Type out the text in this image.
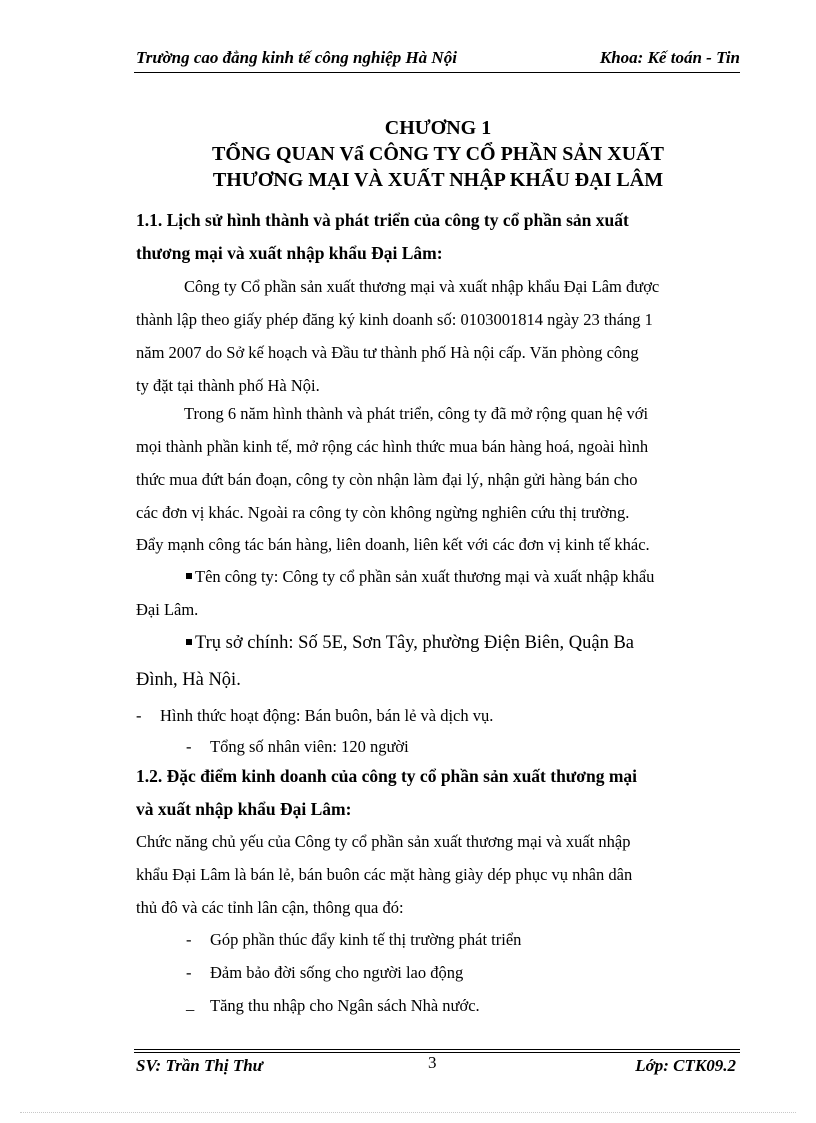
Trường cao đẳng kinh tế công nghiệp Hà Nội	Khoa: Kế toán - Tin
CHƯƠNG 1
TỔNG QUAN Vẩ CÔNG TY CỔ PHẦN SẢN XUẤT
THƯƠNG MẠI VÀ XUẤT NHẬP KHẨU ĐẠI LÂM
1.1. Lịch sử hình thành và phát triển của công ty cổ phần sản xuất
thương mại và xuất nhập khẩu Đại Lâm:
Công ty Cổ phần sản xuất thương mại và xuất nhập khẩu Đại Lâm được
thành lập theo giấy phép đăng ký kinh doanh số: 0103001814 ngày 23 tháng 1
năm 2007 do Sở kế hoạch và Đầu tư thành phố Hà nội cấp. Văn phòng công
ty đặt tại thành phố Hà Nội.
Trong 6 năm hình thành và phát triển, công ty đã mở rộng quan hệ với
mọi thành phần kinh tế, mở rộng các hình thức mua bán hàng hoá, ngoài hình
thức mua đứt bán đoạn, công ty còn nhận làm đại lý, nhận gửi hàng bán cho
các đơn vị khác. Ngoài ra công ty còn không ngừng nghiên cứu thị trường.
Đẩy mạnh công tác bán hàng, liên doanh, liên kết với các đơn vị kinh tế khác.
Tên công ty: Công ty cổ phần sản xuất thương mại và xuất nhập khẩu
Đại Lâm.
Trụ sở chính: Số 5E, Sơn Tây, phường Điện Biên, Quận Ba
Đình, Hà Nội.
- Hình thức hoạt động: Bán buôn, bán lẻ và dịch vụ.
- Tổng số nhân viên: 120 người
1.2. Đặc điểm kinh doanh của công ty cổ phần sản xuất thương mại
và xuất nhập khẩu Đại Lâm:
Chức năng chủ yếu của Công ty cổ phần sản xuất thương mại và xuất nhập
khẩu Đại Lâm là bán lẻ, bán buôn các mặt hàng giày dép phục vụ nhân dân
thủ đô và các tỉnh lân cận, thông qua đó:
- Góp phần thúc đẩy kinh tế thị trường phát triển
- Đảm bảo đời sống cho người lao động
_ Tăng thu nhập cho Ngân sách Nhà nước.
SV: Trần Thị Thư	3	Lớp: CTK09.2
